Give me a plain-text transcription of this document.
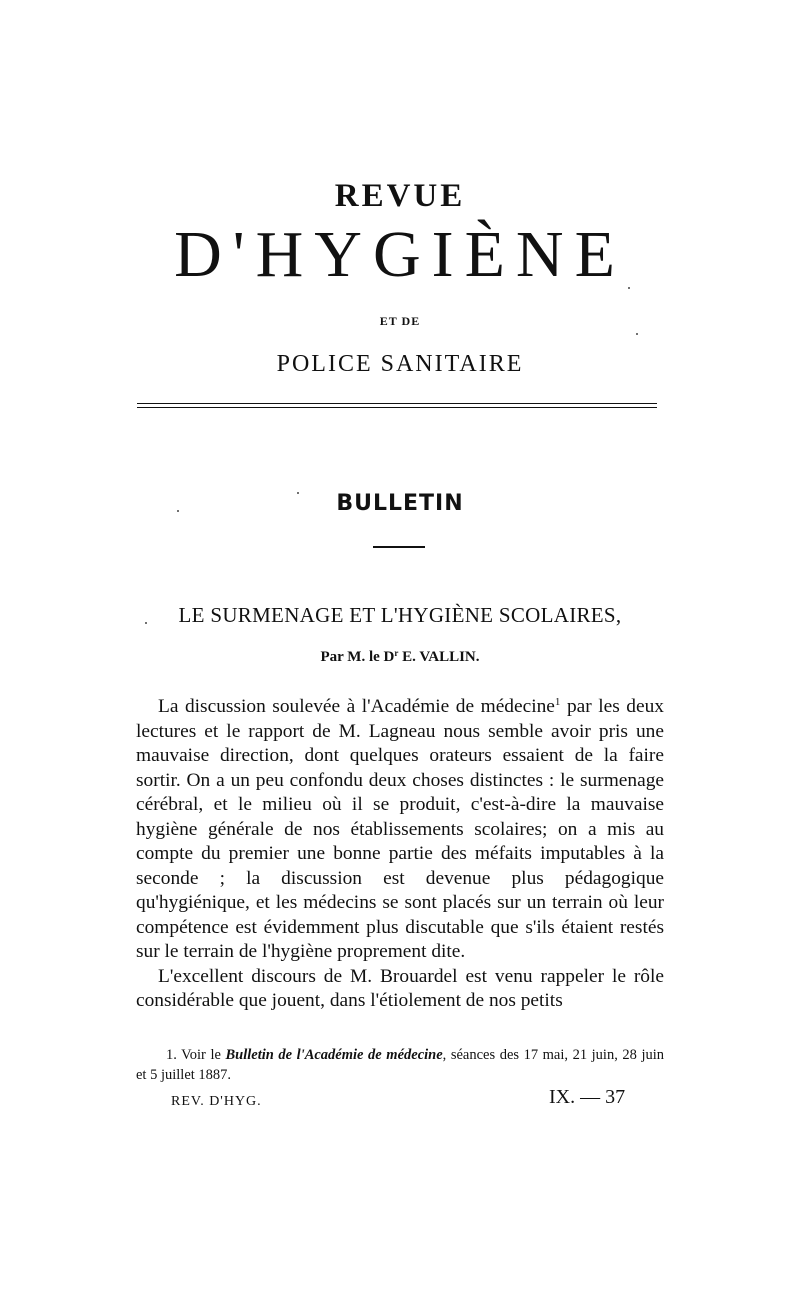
REVUE
D'HYGIÈNE
ET DE
POLICE SANITAIRE
BULLETIN
LE SURMENAGE ET L'HYGIÈNE SCOLAIRES,
Par M. le $D^r$ E. VALLIN.

La discussion soulevée à l'Académie de médecine$^1$ par les deux lectures et le rapport de M. Lagneau nous semble avoir pris une mauvaise direction, dont quelques orateurs essaient de la faire sortir. On a un peu confondu deux choses distinctes : le surmenage cérébral, et le milieu où il se produit, c'est-à-dire la mauvaise hygiène générale de nos établissements scolaires; on a mis au compte du premier une bonne partie des méfaits imputables à la seconde ; la discussion est devenue plus pédagogique qu'hygiénique, et les médecins se sont placés sur un terrain où leur compétence est évidemment plus discutable que s'ils étaient restés sur le terrain de l'hygiène proprement dite.

L'excellent discours de M. Brouardel est venu rappeler le rôle considérable que jouent, dans l'étiolement de nos petits

1. Voir le Bulletin de l'Académie de médecine, séances des 17 mai, 21 juin, 28 juin et 5 juillet 1887.

REV. D'HYG.	IX. — 37
